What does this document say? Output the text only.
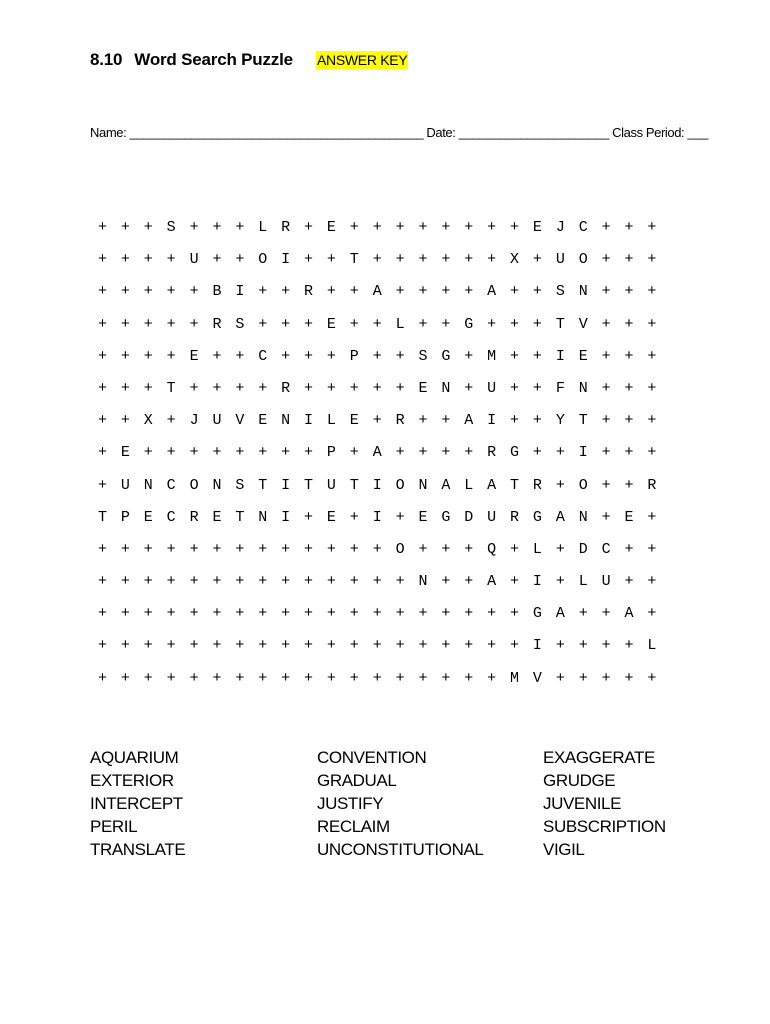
8.10 Word Search Puzzle ANSWER KEY
Name: ___________________________________________ Date: ______________________ Class Period: ___
+ + + S + + + L R + E + + + + + + + + E J C + + +
+ + + + U + + O I + + T + + + + + + X + U O + + +
+ + + + + B I + + R + + A + + + + A + + S N + + +
+ + + + + R S + + + E + + L + + G + + + T V + + +
+ + + + E + + C + + + P + + S G + M + + I E + + +
+ + + T + + + + R + + + + + E N + U + + F N + + +
+ + X + J U V E N I L E + R + + A I + + Y T + + +
+ E + + + + + + + + P + A + + + + R G + + I + + +
+ U N C O N S T I T U T I O N A L A T R + O + + R
T P E C R E T N I + E + I + E G D U R G A N + E +
+ + + + + + + + + + + + + O + + + Q + L + D C + +
+ + + + + + + + + + + + + + N + + A + I + L U + +
+ + + + + + + + + + + + + + + + + + + G A + + A +
+ + + + + + + + + + + + + + + + + + + I + + + + L
+ + + + + + + + + + + + + + + + + + M V + + + + +
AQUARIUM
EXTERIOR
INTERCEPT
PERIL
TRANSLATE
CONVENTION
GRADUAL
JUSTIFY
RECLAIM
UNCONSTITUTIONAL
EXAGGERATE
GRUDGE
JUVENILE
SUBSCRIPTION
VIGIL
